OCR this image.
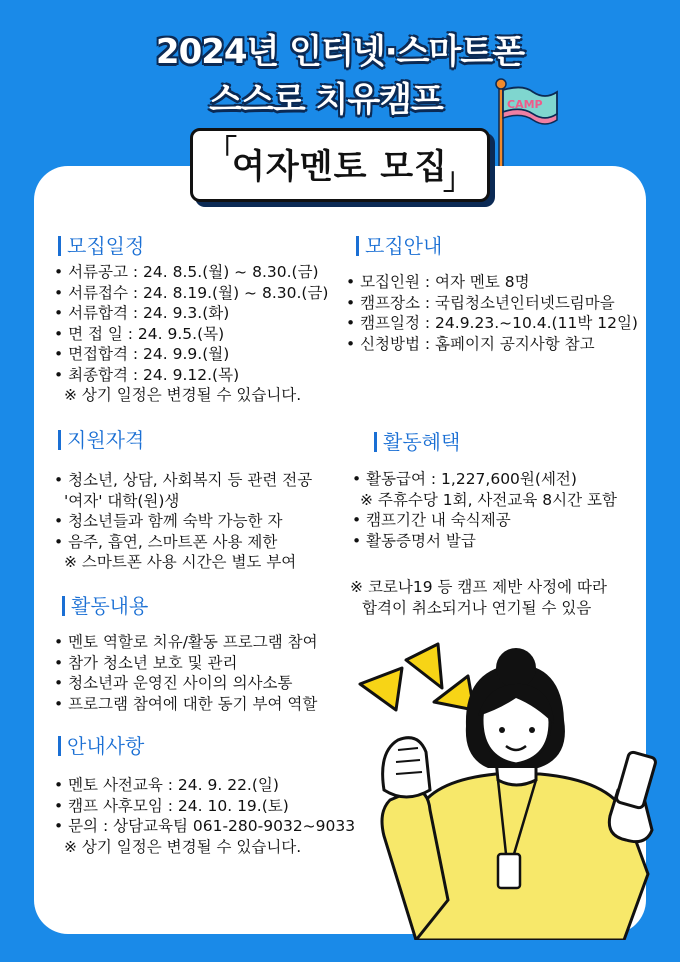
2024년 인터넷·스마트폰
스스로 치유캠프	CAMP
「
여자멘토 모집
」
모집일정
• 서류공고 : 24. 8.5.(월) ~ 8.30.(금)
• 서류접수 : 24. 8.19.(월) ~ 8.30.(금)
• 서류합격 : 24. 9.3.(화)
• 면 접 일 : 24. 9.5.(목)
• 면접합격 : 24. 9.9.(월)
• 최종합격 : 24. 9.12.(목)
※ 상기 일정은 변경될 수 있습니다.
모집안내
• 모집인원 : 여자 멘토 8명
• 캠프장소 : 국립청소년인터넷드림마을
• 캠프일정 : 24.9.23.~10.4.(11박 12일)
• 신청방법 : 홈페이지 공지사항 참고
지원자격
• 청소년, 상담, 사회복지 등 관련 전공
'여자' 대학(원)생
• 청소년들과 함께 숙박 가능한 자
• 음주, 흡연, 스마트폰 사용 제한
※ 스마트폰 사용 시간은 별도 부여
활동혜택
• 활동급여 : 1,227,600원(세전)
※ 주휴수당 1회, 사전교육 8시간 포함
• 캠프기간 내 숙식제공
• 활동증명서 발급
※ 코로나19 등 캠프 제반 사정에 따라
합격이 취소되거나 연기될 수 있음
활동내용
• 멘토 역할로 치유/활동 프로그램 참여
• 참가 청소년 보호 및 관리
• 청소년과 운영진 사이의 의사소통
• 프로그램 참여에 대한 동기 부여 역할
안내사항
• 멘토 사전교육 : 24. 9. 22.(일)
• 캠프 사후모임 : 24. 10. 19.(토)
• 문의 : 상담교육팀 061-280-9032~9033
※ 상기 일정은 변경될 수 있습니다.
